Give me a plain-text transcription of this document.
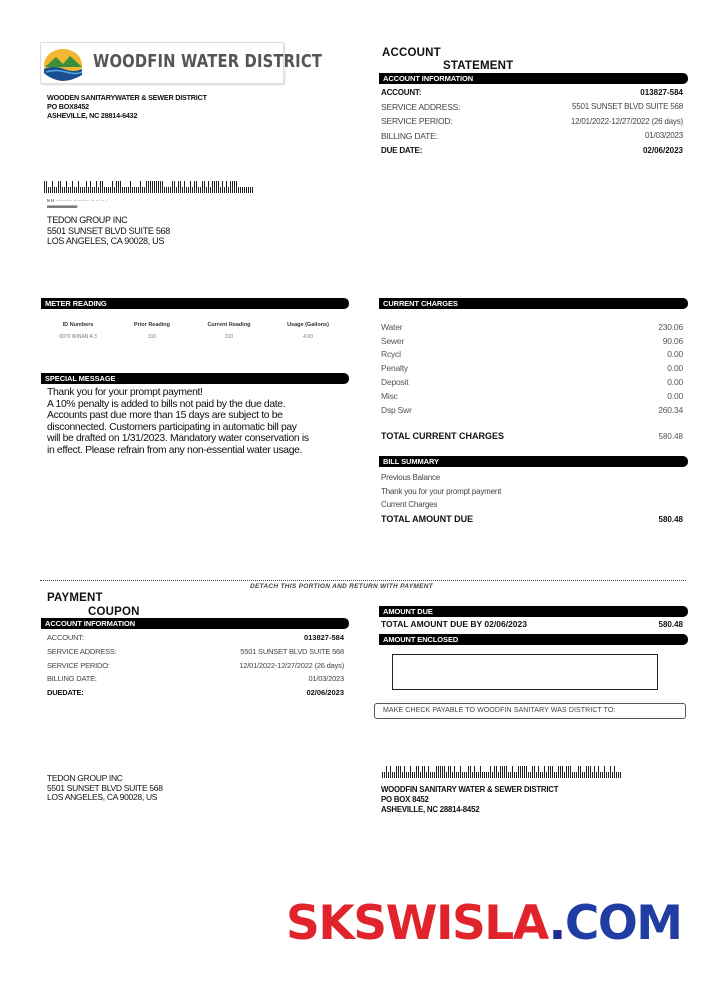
WOODFIN WATER DISTRICT
WOODEN SANITARYWATER & SEWER DISTRICT
PO BOX8452
ASHEVILLE, NC 28814-6432
ACCOUNT
STATEMENT
ACCOUNT INFORMATION
ACCOUNT:	013827-584
SERVICE ADDRESS:	5501 SUNSET BLVD SUITE 568
SERVICE PERIOD:	12/01/2022-12/27/2022 (26 days)
BILLING DATE:	01/03/2023
DUE DATE:	02/06/2023
ɴ ɴ ·········· ·········· ·· ·· ·· ·
▀▀▀▀▀▀▀▀▀▀▀▀▀▀▀▀
TEDON GROUP INC
5501 SUNSET BLVD SUITE 568
LOS ANGELES, CA 90028, US
METER READING
ID Numbers	Prior Reading	Current Reading	Usage (Gallons)
0070 WINAN A 3	310	310	4.00
SPECIAL MESSAGE
Thank you for your prompt payment!
A 10% penalty is added to bills not paid by the due date.
Accounts past due more than 15 days are subject to be
disconnected. Customers participating in automatic bill pay
will be drafted on 1/31/2023. Mandatory water conservation is
in effect. Please refrain from any non-essential water usage.
CURRENT CHARGES
Water	230.06
Sewer	90.06
Rcycl	0.00
Penalty	0.00
Deposit	0.00
Misc	0.00
Dsp Swr	260.34
TOTAL CURRENT CHARGES	580.48
BILL SUMMARY
Previous Balance
Thank you for your prompt payment
Current Charges
TOTAL AMOUNT DUE	580.48
DETACH THIS PORTION AND RETURN WITH PAYMENT
PAYMENT
COUPON
ACCOUNT INFORMATION
ACCOUNT:	013827-584
SERVICE ADDRESS:	5501 SUNSET BLVD SUITE 568
SERVICE PERIDO:	12/01/2022-12/27/2022 (26 days)
BILLING DATE:	01/03/2023
DUEDATE:	02/06/2023
AMOUNT DUE
TOTAL AMOUNT DUE BY 02/06/2023	580.48
AMOUNT ENCLOSED
MAKE CHECK PAYABLE TO WOODFIN SANITARY WAS DISTRICT TO:
TEDON GROUP INC
5501 SUNSET BLVD SUITE 568
LOS ANGELES, CA 90028, US
WOODFIN SANITARY WATER & SEWER DISTRICT
PO BOX 8452
ASHEVILLE, NC 28814-8452
SKSWISLA.COM
